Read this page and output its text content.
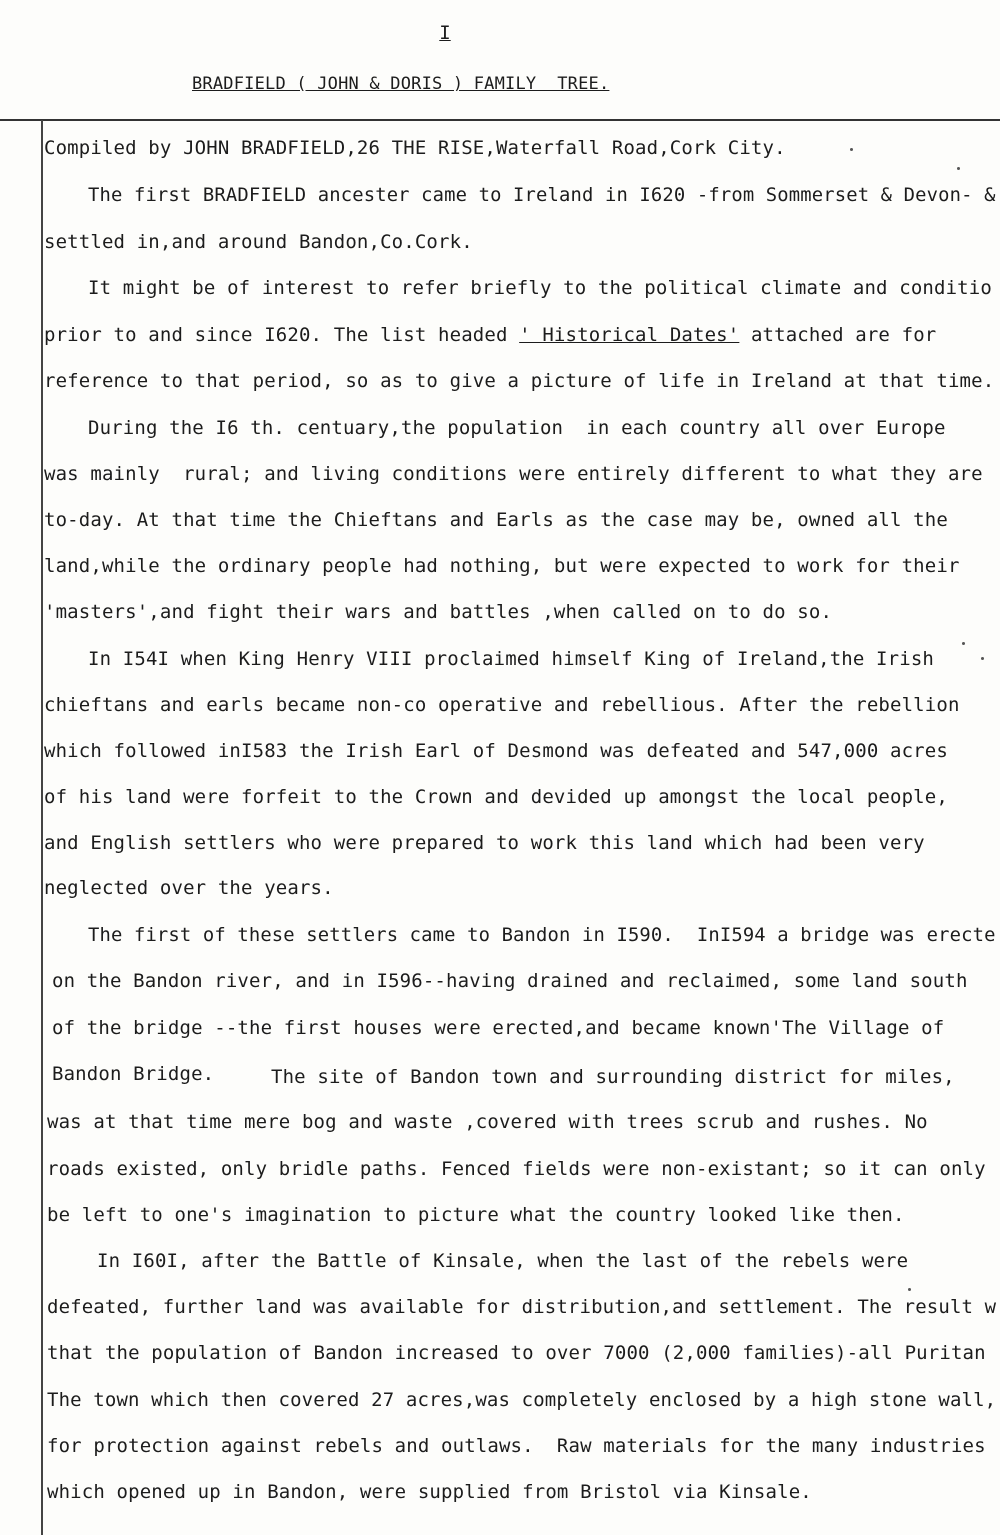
I
BRADFIELD ( JOHN & DORIS ) FAMILY  TREE.

Compiled by JOHN BRADFIELD,26 THE RISE,Waterfall Road,Cork City.

The first BRADFIELD ancester came to Ireland in I620 -from Sommerset & Devon- &

settled in,and around Bandon,Co.Cork.

It might be of interest to refer briefly to the political climate and conditio

prior to and since I620. The list headed ' Historical Dates' attached are for

reference to that period, so as to give a picture of life in Ireland at that time.

During the I6 th. centuary,the population  in each country all over Europe

was mainly  rural; and living conditions were entirely different to what they are

to-day. At that time the Chieftans and Earls as the case may be, owned all the

land,while the ordinary people had nothing, but were expected to work for their

'masters',and fight their wars and battles ,when called on to do so.

In I54I when King Henry VIII proclaimed himself King of Ireland,the Irish

chieftans and earls became non-co operative and rebellious. After the rebellion

which followed inI583 the Irish Earl of Desmond was defeated and 547,000 acres

of his land were forfeit to the Crown and devided up amongst the local people,

and English settlers who were prepared to work this land which had been very

neglected over the years.

The first of these settlers came to Bandon in I590.  InI594 a bridge was erecte

on the Bandon river, and in I596--having drained and reclaimed, some land south

of the bridge --the first houses were erected,and became known'The Village of

Bandon Bridge.	The site of Bandon town and surrounding district for miles,

was at that time mere bog and waste ,covered with trees scrub and rushes. No

roads existed, only bridle paths. Fenced fields were non-existant; so it can only

be left to one's imagination to picture what the country looked like then.

In I60I, after the Battle of Kinsale, when the last of the rebels were

defeated, further land was available for distribution,and settlement. The result w

that the population of Bandon increased to over 7000 (2,000 families)-all Puritan

The town which then covered 27 acres,was completely enclosed by a high stone wall,

for protection against rebels and outlaws.  Raw materials for the many industries

which opened up in Bandon, were supplied from Bristol via Kinsale.
